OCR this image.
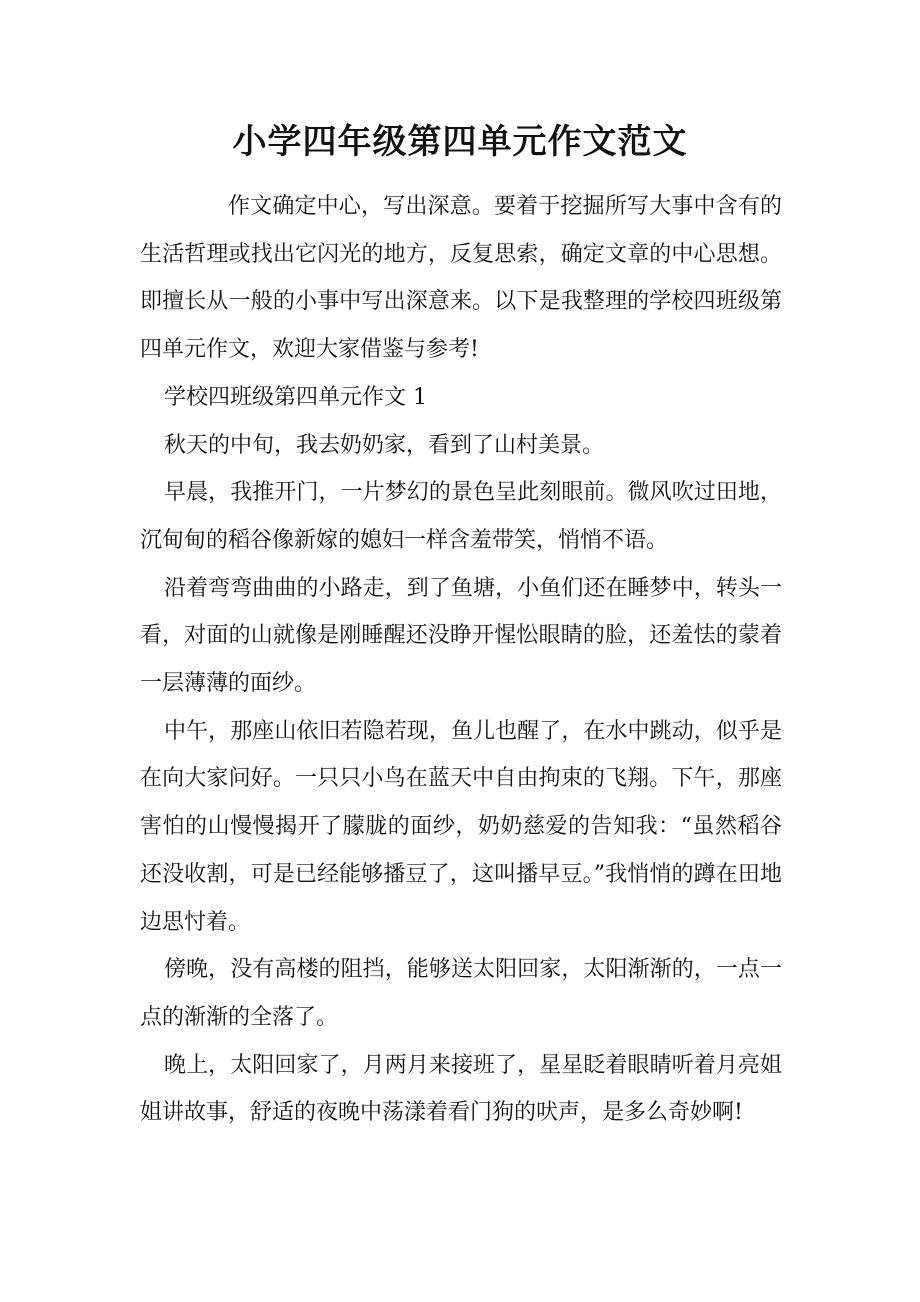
小学四年级第四单元作文范文

作文确定中心，写出深意。要着于挖掘所写大事中含有的生活哲理或找出它闪光的地方，反复思索，确定文章的中心思想。即擅长从一般的小事中写出深意来。以下是我整理的学校四班级第四单元作文，欢迎大家借鉴与参考!

学校四班级第四单元作文 1

秋天的中旬，我去奶奶家，看到了山村美景。

早晨，我推开门，一片梦幻的景色呈此刻眼前。微风吹过田地，沉甸甸的稻谷像新嫁的媳妇一样含羞带笑，悄悄不语。

沿着弯弯曲曲的小路走，到了鱼塘，小鱼们还在睡梦中，转头一看，对面的山就像是刚睡醒还没睁开惺忪眼睛的脸，还羞怯的蒙着一层薄薄的面纱。

中午，那座山依旧若隐若现，鱼儿也醒了，在水中跳动，似乎是在向大家问好。一只只小鸟在蓝天中自由拘束的飞翔。下午，那座害怕的山慢慢揭开了朦胧的面纱，奶奶慈爱的告知我：“虽然稻谷还没收割，可是已经能够播豆了，这叫播早豆。”我悄悄的蹲在田地边思忖着。

傍晚，没有高楼的阻挡，能够送太阳回家，太阳渐渐的，一点一点的渐渐的全落了。

晚上，太阳回家了，月两月来接班了，星星眨着眼睛听着月亮姐姐讲故事，舒适的夜晚中荡漾着看门狗的吠声，是多么奇妙啊!
